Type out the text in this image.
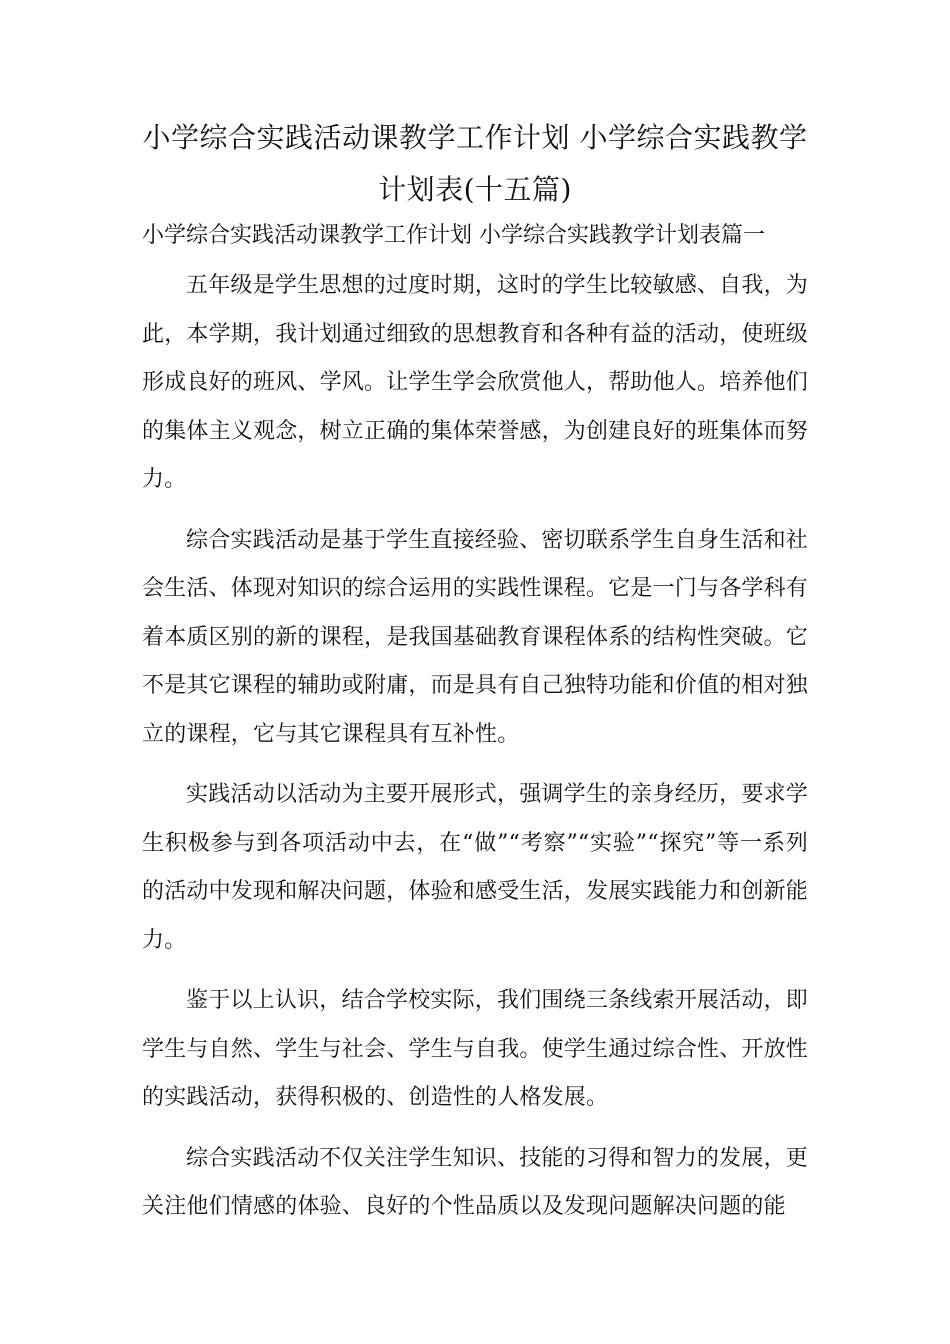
小学综合实践活动课教学工作计划 小学综合实践教学计划表(十五篇)

小学综合实践活动课教学工作计划 小学综合实践教学计划表篇一

五年级是学生思想的过度时期，这时的学生比较敏感、自我，为此，本学期，我计划通过细致的思想教育和各种有益的活动，使班级形成良好的班风、学风。让学生学会欣赏他人，帮助他人。培养他们的集体主义观念，树立正确的集体荣誉感，为创建良好的班集体而努力。

综合实践活动是基于学生直接经验、密切联系学生自身生活和社会生活、体现对知识的综合运用的实践性课程。它是一门与各学科有着本质区别的新的课程，是我国基础教育课程体系的结构性突破。它不是其它课程的辅助或附庸，而是具有自己独特功能和价值的相对独立的课程，它与其它课程具有互补性。

实践活动以活动为主要开展形式，强调学生的亲身经历，要求学生积极参与到各项活动中去，在“做”“考察”“实验”“探究”等一系列的活动中发现和解决问题，体验和感受生活，发展实践能力和创新能力。

鉴于以上认识，结合学校实际，我们围绕三条线索开展活动，即学生与自然、学生与社会、学生与自我。使学生通过综合性、开放性的实践活动，获得积极的、创造性的人格发展。

综合实践活动不仅关注学生知识、技能的习得和智力的发展，更关注他们情感的体验、良好的个性品质以及发现问题解决问题的能
